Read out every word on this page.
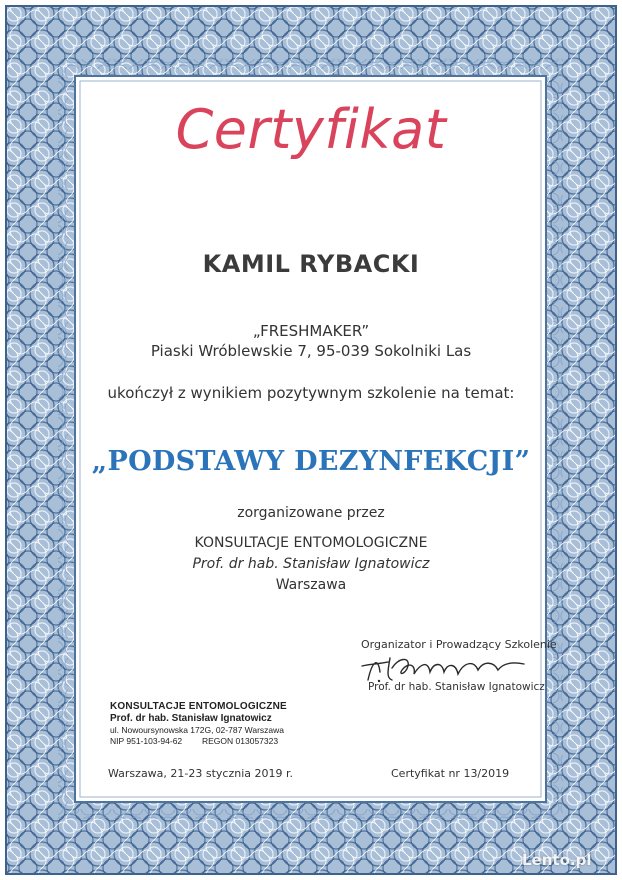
Certyfikat
KAMIL RYBACKI
„FRESHMAKER”
Piaski Wróblewskie 7, 95-039 Sokolniki Las
ukończył z wynikiem pozytywnym szkolenie na temat:
„PODSTAWY DEZYNFEKCJI”
zorganizowane przez
KONSULTACJE ENTOMOLOGICZNE
Prof. dr hab. Stanisław Ignatowicz
Warszawa
Organizator i Prowadzący Szkolenie
Prof. dr hab. Stanisław Ignatowicz
KONSULTACJE ENTOMOLOGICZNE
Prof. dr hab. Stanisław Ignatowicz
ul. Nowoursynowska 172G, 02-787 Warszawa
NIP 951-103-94-62 REGON 013057323
Warszawa, 21-23 stycznia 2019 r.	Certyfikat nr 13/2019
Lento.pl
